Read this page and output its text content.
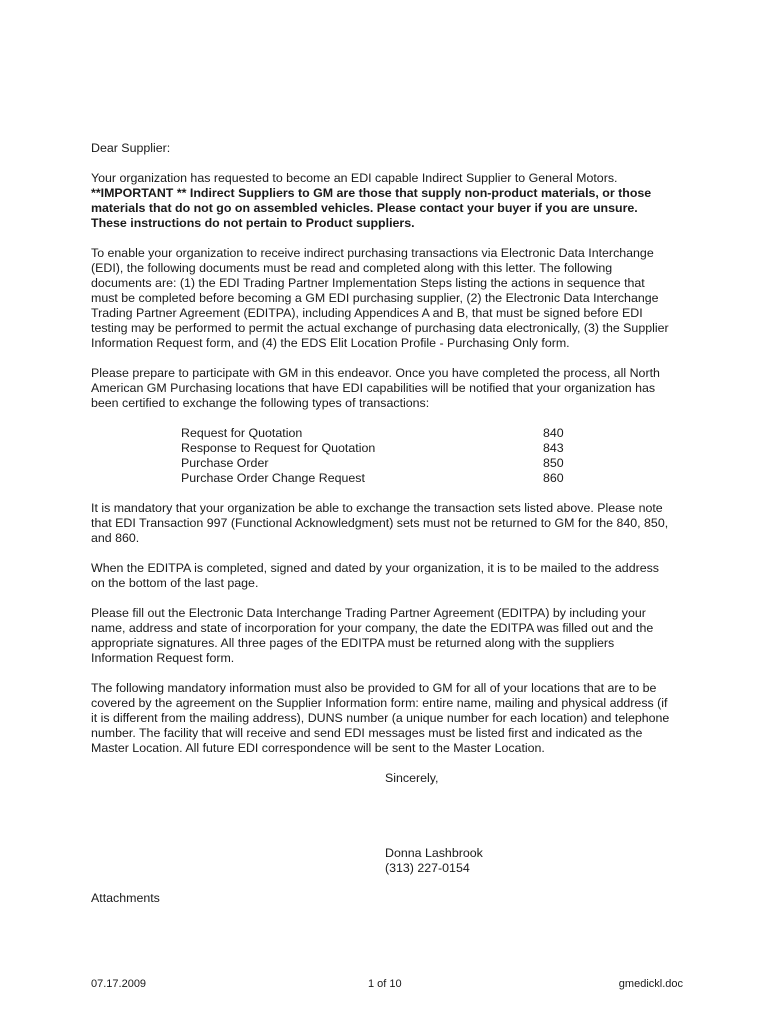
Dear Supplier:

Your organization has requested to become an EDI capable Indirect Supplier to General Motors.
**IMPORTANT ** Indirect Suppliers to GM are those that supply non-product materials, or those
materials that do not go on assembled vehicles. Please contact your buyer if you are unsure.
These instructions do not pertain to Product suppliers.

To enable your organization to receive indirect purchasing transactions via Electronic Data Interchange
(EDI), the following documents must be read and completed along with this letter. The following
documents are: (1) the EDI Trading Partner Implementation Steps listing the actions in sequence that
must be completed before becoming a GM EDI purchasing supplier, (2) the Electronic Data Interchange
Trading Partner Agreement (EDITPA), including Appendices A and B, that must be signed before EDI
testing may be performed to permit the actual exchange of purchasing data electronically, (3) the Supplier
Information Request form, and (4) the EDS Elit Location Profile - Purchasing Only form.

Please prepare to participate with GM in this endeavor. Once you have completed the process, all North
American GM Purchasing locations that have EDI capabilities will be notified that your organization has
been certified to exchange the following types of transactions:

Request for Quotation	840
Response to Request for Quotation	843
Purchase Order	850
Purchase Order Change Request	860

It is mandatory that your organization be able to exchange the transaction sets listed above. Please note
that EDI Transaction 997 (Functional Acknowledgment) sets must not be returned to GM for the 840, 850,
and 860.

When the EDITPA is completed, signed and dated by your organization, it is to be mailed to the address
on the bottom of the last page.

Please fill out the Electronic Data Interchange Trading Partner Agreement (EDITPA) by including your
name, address and state of incorporation for your company, the date the EDITPA was filled out and the
appropriate signatures. All three pages of the EDITPA must be returned along with the suppliers
Information Request form.

The following mandatory information must also be provided to GM for all of your locations that are to be
covered by the agreement on the Supplier Information form: entire name, mailing and physical address (if
it is different from the mailing address), DUNS number (a unique number for each location) and telephone
number. The facility that will receive and send EDI messages must be listed first and indicated as the
Master Location. All future EDI correspondence will be sent to the Master Location.

Sincerely,

Donna Lashbrook
(313) 227-0154

Attachments

07.17.2009	1 of 10	gmedickl.doc
